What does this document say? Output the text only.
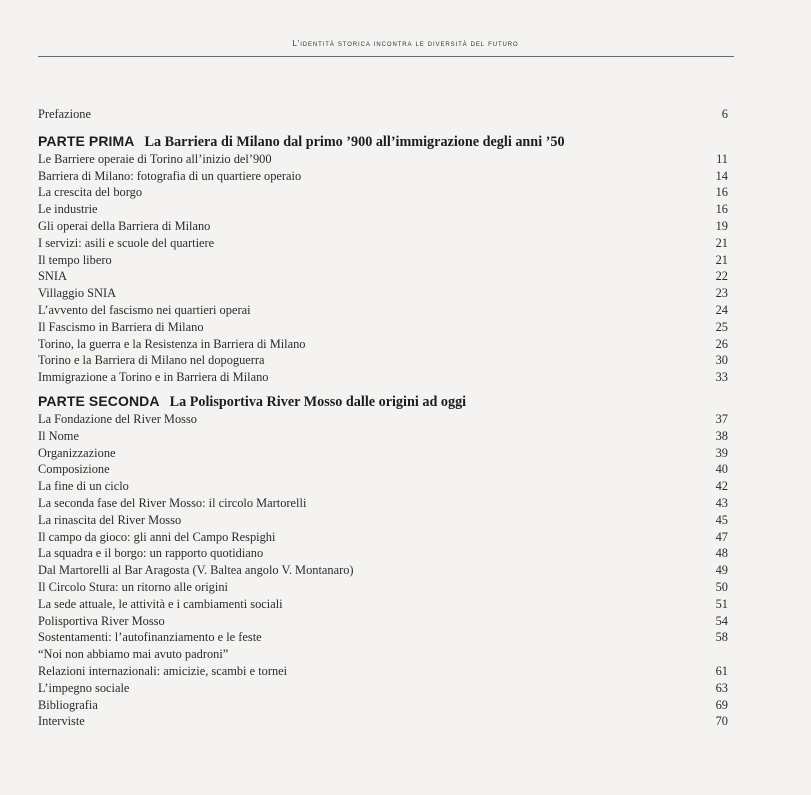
L'identità storica incontra le diversità del futuro
Prefazione	6
PARTE PRIMA La Barriera di Milano dal primo ’900 all’immigrazione degli anni ’50
Le Barriere operaie di Torino all’inizio del’900	11
Barriera di Milano: fotografia di un quartiere operaio	14
La crescita del borgo	16
Le industrie	16
Gli operai della Barriera di Milano	19
I servizi: asili e scuole del quartiere	21
Il tempo libero	21
SNIA	22
Villaggio SNIA	23
L’avvento del fascismo nei quartieri operai	24
Il Fascismo in Barriera di Milano	25
Torino, la guerra e la Resistenza in Barriera di Milano	26
Torino e la Barriera di Milano nel dopoguerra	30
Immigrazione a Torino e in Barriera di Milano	33
PARTE SECONDA La Polisportiva River Mosso dalle origini ad oggi
La Fondazione del River Mosso	37
Il Nome	38
Organizzazione	39
Composizione	40
La fine di un ciclo	42
La seconda fase del River Mosso: il circolo Martorelli	43
La rinascita del River Mosso	45
Il campo da gioco: gli anni del Campo Respighi	47
La squadra e il borgo: un rapporto quotidiano	48
Dal Martorelli al Bar Aragosta (V. Baltea angolo V. Montanaro)	49
Il Circolo Stura: un ritorno alle origini	50
La sede attuale, le attività e i cambiamenti sociali	51
Polisportiva River Mosso	54
Sostentamenti: l’autofinanziamento e le feste	58
“Noi non abbiamo mai avuto padroni”
Relazioni internazionali: amicizie, scambi e tornei	61
L’impegno sociale	63
Bibliografia	69
Interviste	70
